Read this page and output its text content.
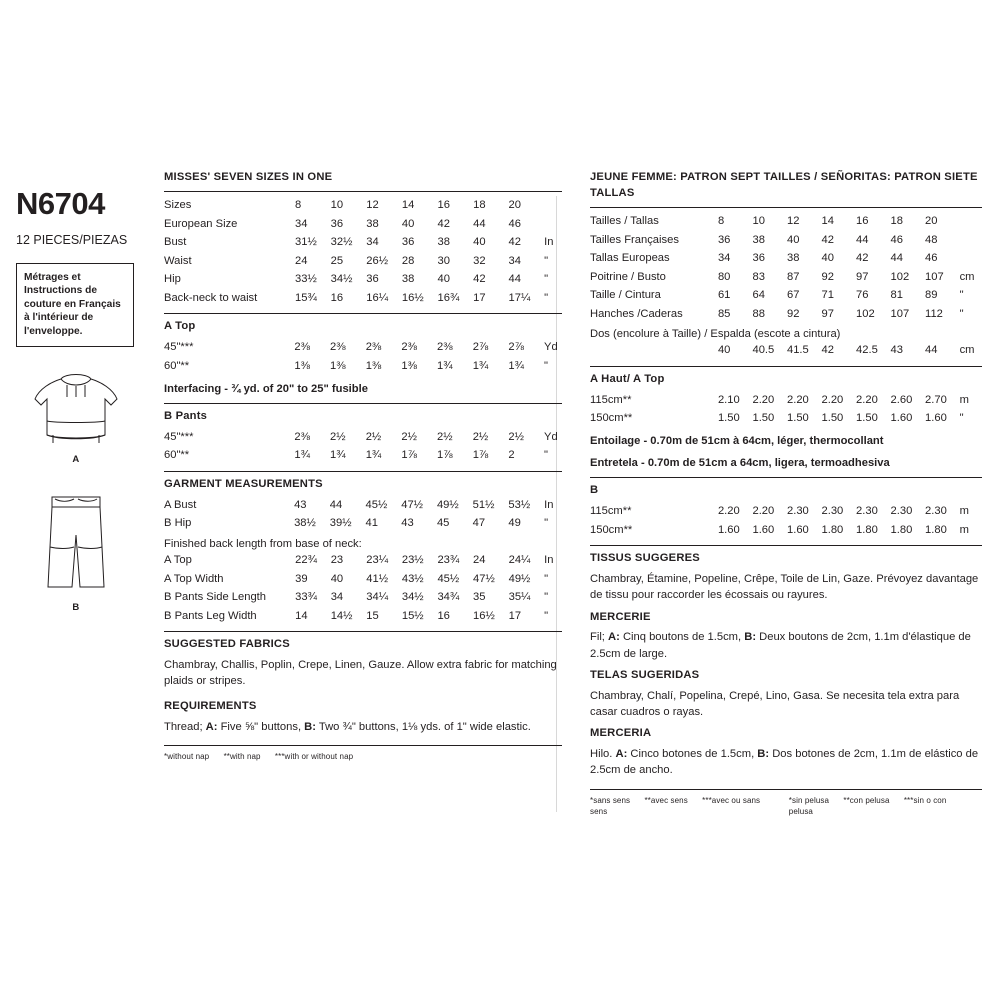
N6704
12 PIECES/PIEZAS
Métrages et Instructions de couture en Français à l'intérieur de l'enveloppe.
A
B
MISSES' SEVEN SIZES IN ONE
Sizes	8	10	12	14	16	18	20	
European Size	34	36	38	40	42	44	46	
Bust	31½	32½	34	36	38	40	42	In
Waist	24	25	26½	28	30	32	34	"
Hip	33½	34½	36	38	40	42	44	"
Back-neck to waist	15¾	16	16¼	16½	16¾	17	17¼	"
A Top
45"***	2⅜	2⅜	2⅜	2⅜	2⅜	2⅞	2⅞	Yd
60"**	1⅜	1⅜	1⅜	1⅜	1¾	1¾	1¾	"
Interfacing - ¾ yd. of 20" to 25" fusible
B Pants
45"***	2⅜	2½	2½	2½	2½	2½	2½	Yd
60"**	1¾	1¾	1¾	1⅞	1⅞	1⅞	2	"
GARMENT MEASUREMENTS
A Bust	43	44	45½	47½	49½	51½	53½	In
B Hip	38½	39½	41	43	45	47	49	"
Finished back length from base of neck:
A Top	22¾	23	23¼	23½	23¾	24	24¼	In
A Top Width	39	40	41½	43½	45½	47½	49½	"
B Pants Side Length	33¾	34	34¼	34½	34¾	35	35¼	"
B Pants Leg Width	14	14½	15	15½	16	16½	17	"
SUGGESTED FABRICS
Chambray, Challis, Poplin, Crepe, Linen, Gauze. Allow extra fabric for matching plaids or stripes.
REQUIREMENTS
Thread; A: Five ⅝" buttons, B: Two ¾" buttons, 1⅛ yds. of 1" wide elastic.
*without nap **with nap ***with or without nap
JEUNE FEMME: PATRON SEPT TAILLES / SEÑORITAS: PATRON SIETE TALLAS
Tailles / Tallas	8	10	12	14	16	18	20	
Tailles Françaises	36	38	40	42	44	46	48	
Tallas Europeas	34	36	38	40	42	44	46	
Poitrine / Busto	80	83	87	92	97	102	107	cm
Taille / Cintura	61	64	67	71	76	81	89	"
Hanches /Caderas	85	88	92	97	102	107	112	"
Dos (encolure à Taille) / Espalda (escote a cintura)
	40	40.5	41.5	42	42.5	43	44	cm
A Haut/ A Top
115cm**	2.10	2.20	2.20	2.20	2.20	2.60	2.70	m
150cm**	1.50	1.50	1.50	1.50	1.50	1.60	1.60	"
Entoilage - 0.70m de 51cm à 64cm, léger, thermocollant
Entretela - 0.70m de 51cm a 64cm, ligera, termoadhesiva
B
115cm**	2.20	2.20	2.30	2.30	2.30	2.30	2.30	m
150cm**	1.60	1.60	1.60	1.80	1.80	1.80	1.80	m
TISSUS SUGGERES
Chambray, Étamine, Popeline, Crêpe, Toile de Lin, Gaze. Prévoyez davantage de tissu pour raccorder les écossais ou rayures.
MERCERIE
Fil; A: Cinq boutons de 1.5cm, B: Deux boutons de 2cm, 1.1m d'élastique de 2.5cm de large.
TELAS SUGERIDAS
Chambray, Chalí, Popelina, Crepé, Lino, Gasa. Se necesita tela extra para casar cuadros o rayas.
MERCERIA
Hilo. A: Cinco botones de 1.5cm, B: Dos botones de 2cm, 1.1m de elástico de 2.5cm de ancho.
*sans sens **avec sens ***avec ou sans sens
*sin pelusa **con pelusa ***sin o con pelusa
